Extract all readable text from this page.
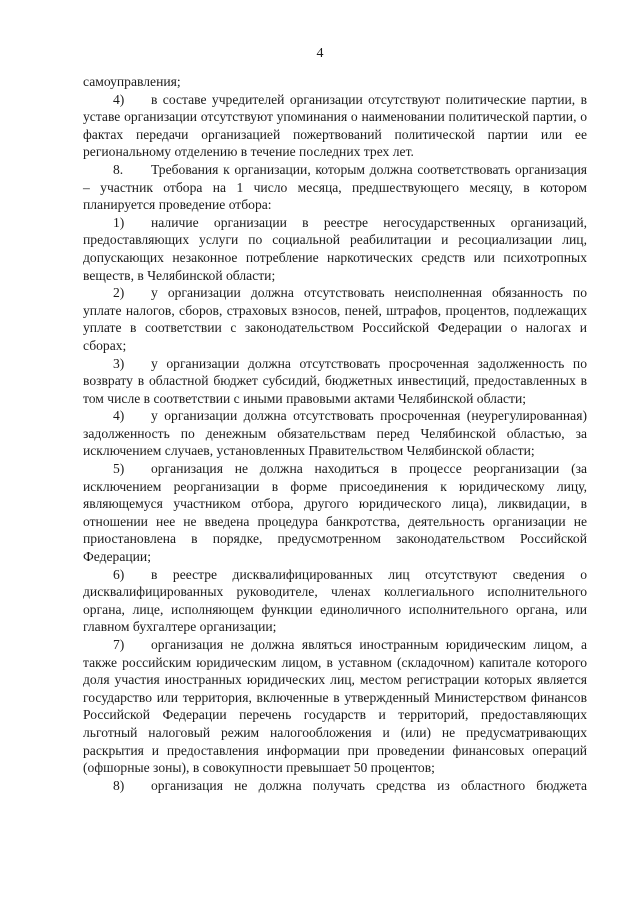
4

самоуправления;

4) в составе учредителей организации отсутствуют политические партии, в уставе организации отсутствуют упоминания о наименовании политической партии, о фактах передачи организацией пожертвований политической партии или ее региональному отделению в течение последних трех лет.

8. Требования к организации, которым должна соответствовать организация – участник отбора на 1 число месяца, предшествующего месяцу, в котором планируется проведение отбора:

1) наличие организации в реестре негосударственных организаций, предоставляющих услуги по социальной реабилитации и ресоциализации лиц, допускающих незаконное потребление наркотических средств или психотропных веществ, в Челябинской области;

2) у организации должна отсутствовать неисполненная обязанность по уплате налогов, сборов, страховых взносов, пеней, штрафов, процентов, подлежащих уплате в соответствии с законодательством Российской Федерации о налогах и сборах;

3) у организации должна отсутствовать просроченная задолженность по возврату в областной бюджет субсидий, бюджетных инвестиций, предоставленных в том числе в соответствии с иными правовыми актами Челябинской области;

4) у организации должна отсутствовать просроченная (неурегулированная) задолженность по денежным обязательствам перед Челябинской областью, за исключением случаев, установленных Правительством Челябинской области;

5) организация не должна находиться в процессе реорганизации (за исключением реорганизации в форме присоединения к юридическому лицу, являющемуся участником отбора, другого юридического лица), ликвидации, в отношении нее не введена процедура банкротства, деятельность организации не приостановлена в порядке, предусмотренном законодательством Российской Федерации;

6) в реестре дисквалифицированных лиц отсутствуют сведения о дисквалифицированных руководителе, членах коллегиального исполнительного органа, лице, исполняющем функции единоличного исполнительного органа, или главном бухгалтере организации;

7) организация не должна являться иностранным юридическим лицом, а также российским юридическим лицом, в уставном (складочном) капитале которого доля участия иностранных юридических лиц, местом регистрации которых является государство или территория, включенные в утвержденный Министерством финансов Российской Федерации перечень государств и территорий, предоставляющих льготный налоговый режим налогообложения и (или) не предусматривающих раскрытия и предоставления информации при проведении финансовых операций (офшорные зоны), в совокупности превышает 50 процентов;

8) организация не должна получать средства из областного бюджета
